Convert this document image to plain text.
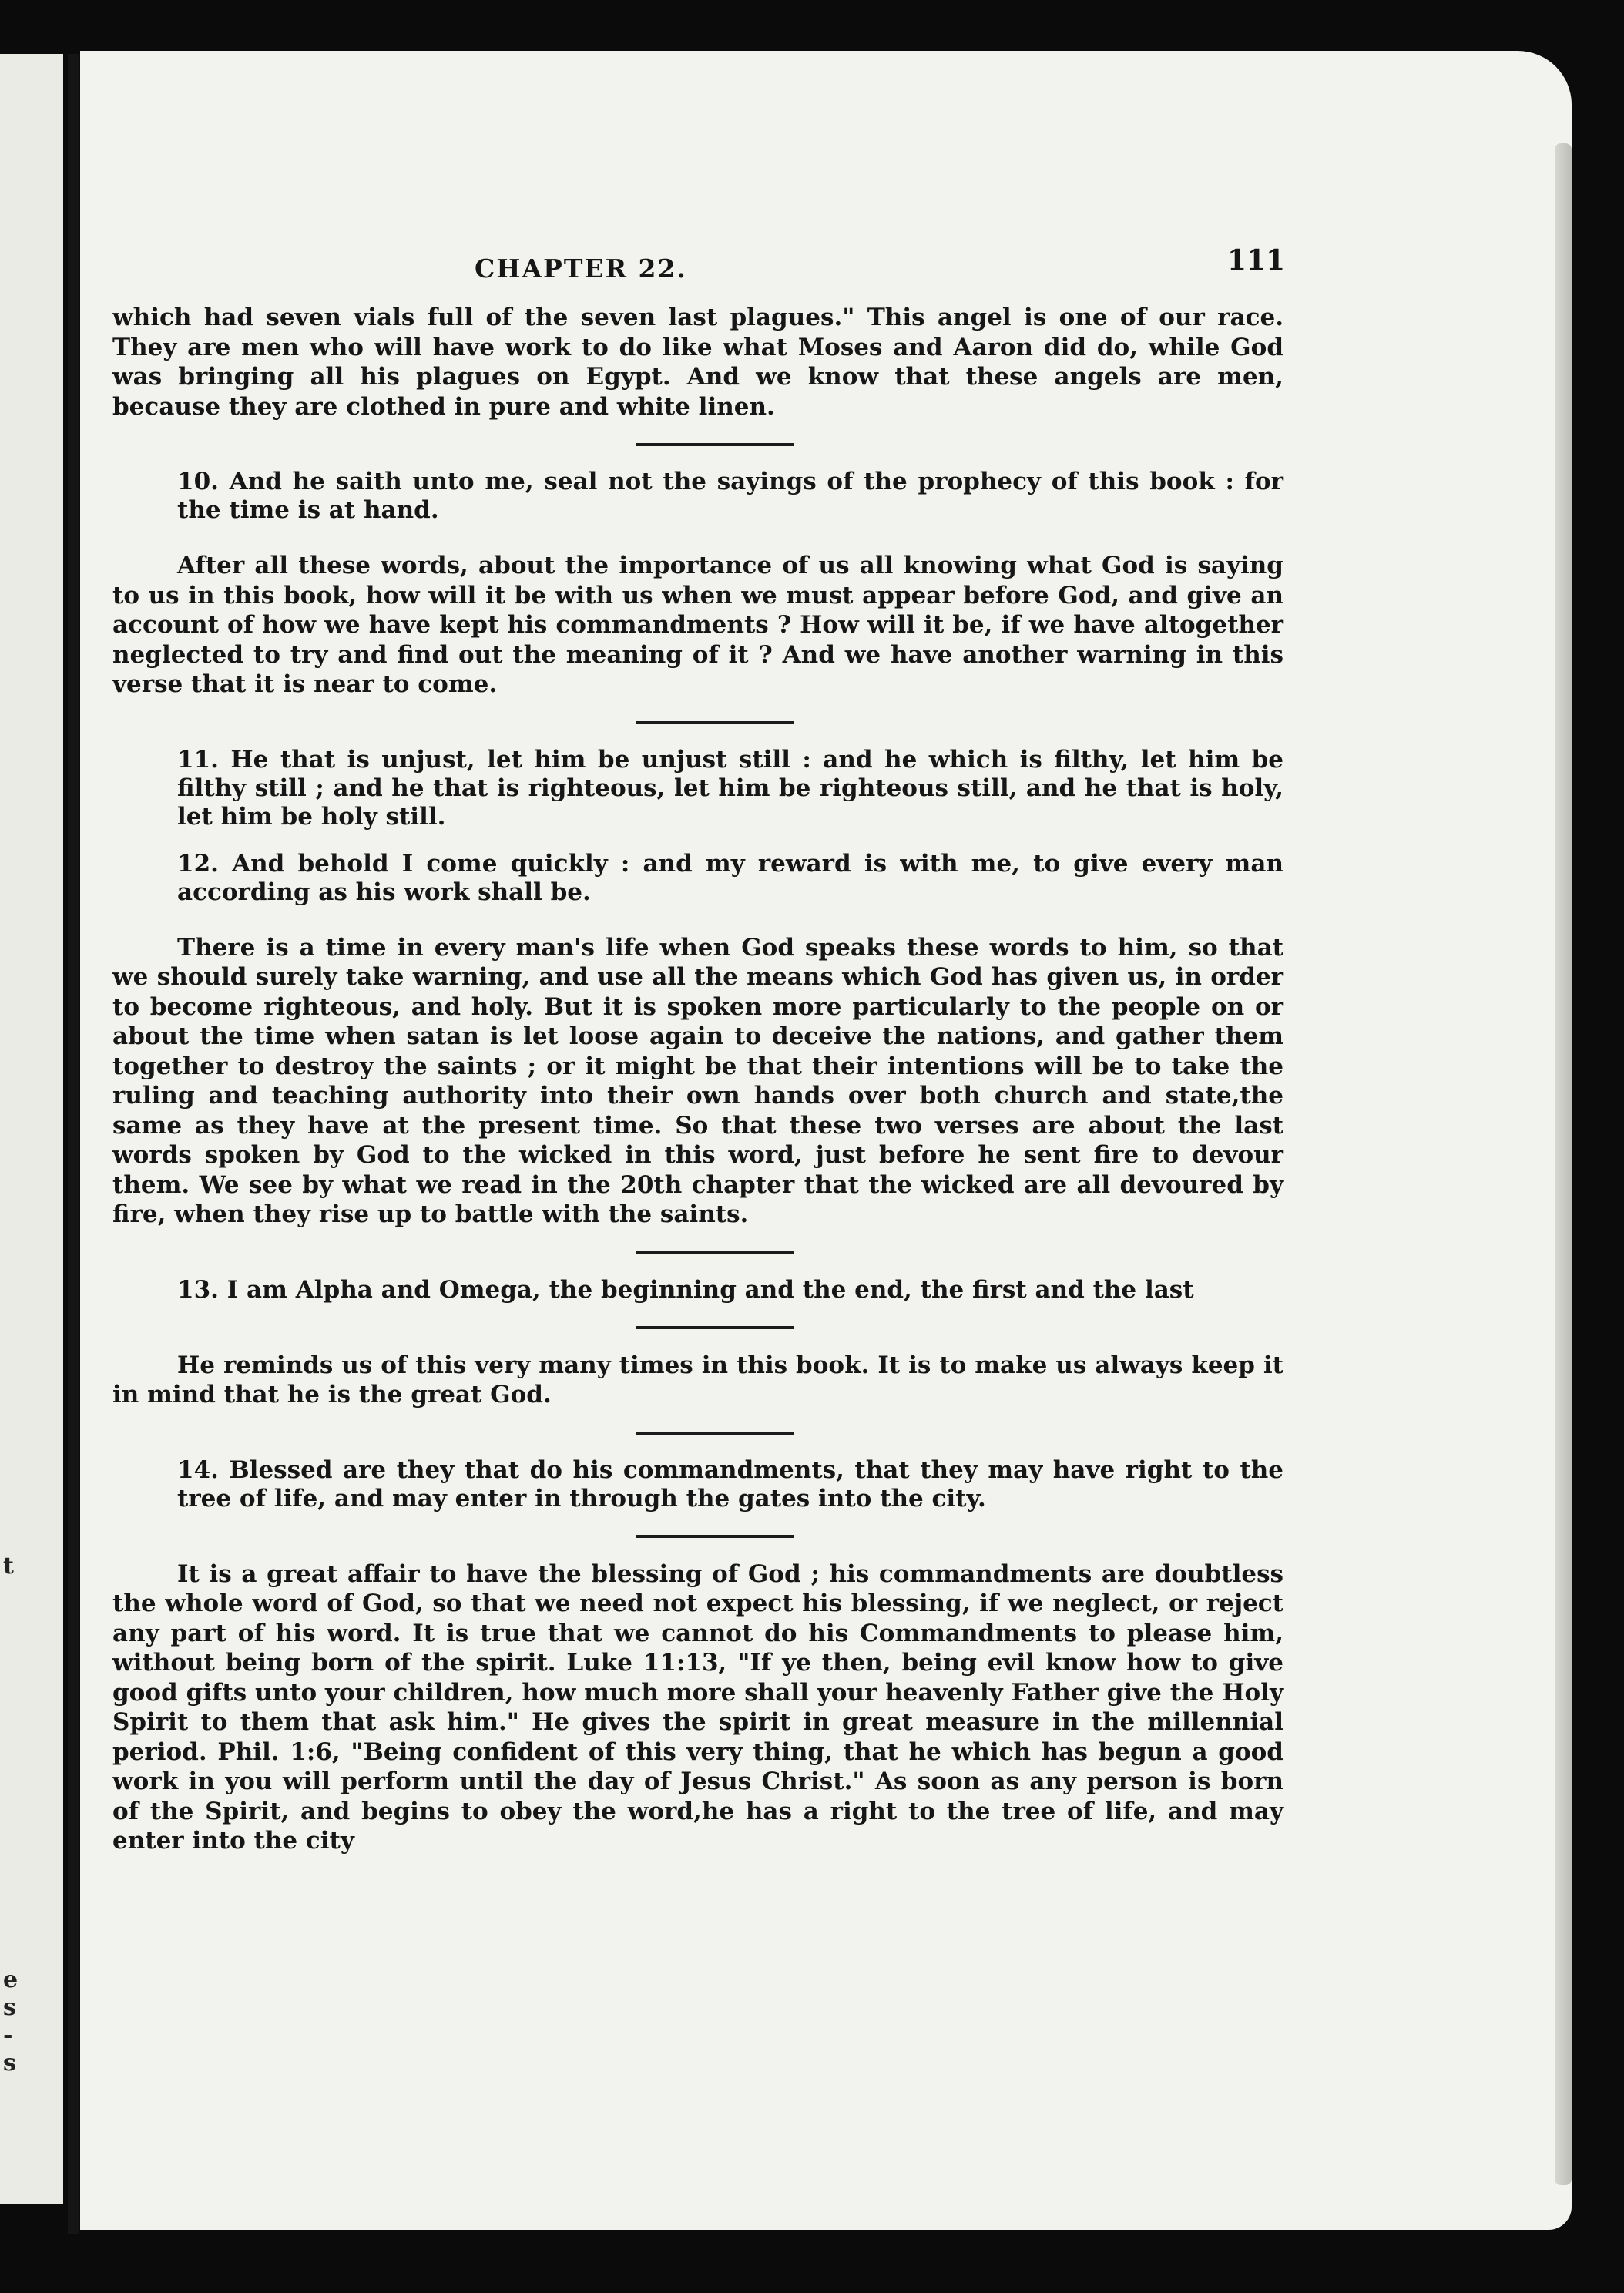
t
e
s
-
s
CHAPTER 22.	111

which had seven vials full of the seven last plagues." This angel is one of our race. They are men who will have work to do like what Moses and Aaron did do, while God was bringing all his plagues on Egypt. And we know that these angels are men, because they are clothed in pure and white linen.

10. And he saith unto me, seal not the sayings of the prophecy of this book : for the time is at hand.

After all these words, about the importance of us all knowing what God is saying to us in this book, how will it be with us when we must appear before God, and give an account of how we have kept his commandments ? How will it be, if we have altogether neglected to try and find out the meaning of it ? And we have another warning in this verse that it is near to come.

11. He that is unjust, let him be unjust still : and he which is filthy, let him be filthy still ; and he that is righteous, let him be righteous still, and he that is holy, let him be holy still.

12. And behold I come quickly : and my reward is with me, to give every man according as his work shall be.

There is a time in every man's life when God speaks these words to him, so that we should surely take warning, and use all the means which God has given us, in order to become righteous, and holy. But it is spoken more particularly to the people on or about the time when satan is let loose again to deceive the nations, and gather them together to destroy the saints ; or it might be that their intentions will be to take the ruling and teaching authority into their own hands over both church and state,the same as they have at the present time. So that these two verses are about the last words spoken by God to the wicked in this word, just before he sent fire to devour them. We see by what we read in the 20th chapter that the wicked are all devoured by fire, when they rise up to battle with the saints.

13. I am Alpha and Omega, the beginning and the end, the first and the last

He reminds us of this very many times in this book. It is to make us always keep it in mind that he is the great God.

14. Blessed are they that do his commandments, that they may have right to the tree of life, and may enter in through the gates into the city.

It is a great affair to have the blessing of God ; his commandments are doubtless the whole word of God, so that we need not expect his blessing, if we neglect, or reject any part of his word. It is true that we cannot do his Commandments to please him, without being born of the spirit. Luke 11:13, "If ye then, being evil know how to give good gifts unto your children, how much more shall your heavenly Father give the Holy Spirit to them that ask him." He gives the spirit in great measure in the millennial period. Phil. 1:6, "Being confident of this very thing, that he which has begun a good work in you will perform until the day of Jesus Christ." As soon as any person is born of the Spirit, and begins to obey the word,he has a right to the tree of life, and may enter into the city
